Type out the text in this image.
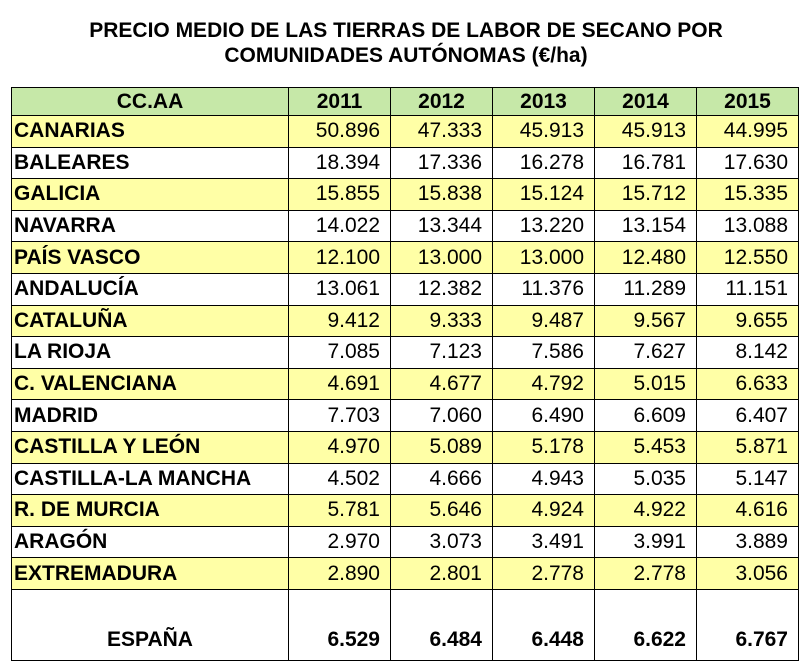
PRECIO MEDIO DE LAS TIERRAS DE LABOR DE SECANO POR
COMUNIDADES AUTÓNOMAS (€/ha)
CC.AA	2011	2012	2013	2014	2015
CANARIAS	50.896	47.333	45.913	45.913	44.995
BALEARES	18.394	17.336	16.278	16.781	17.630
GALICIA	15.855	15.838	15.124	15.712	15.335
NAVARRA	14.022	13.344	13.220	13.154	13.088
PAÍS VASCO	12.100	13.000	13.000	12.480	12.550
ANDALUCÍA	13.061	12.382	11.376	11.289	11.151
CATALUÑA	9.412	9.333	9.487	9.567	9.655
LA RIOJA	7.085	7.123	7.586	7.627	8.142
C. VALENCIANA	4.691	4.677	4.792	5.015	6.633
MADRID	7.703	7.060	6.490	6.609	6.407
CASTILLA Y LEÓN	4.970	5.089	5.178	5.453	5.871
CASTILLA-LA MANCHA	4.502	4.666	4.943	5.035	5.147
R. DE MURCIA	5.781	5.646	4.924	4.922	4.616
ARAGÓN	2.970	3.073	3.491	3.991	3.889
EXTREMADURA	2.890	2.801	2.778	2.778	3.056
ESPAÑA	6.529	6.484	6.448	6.622	6.767
